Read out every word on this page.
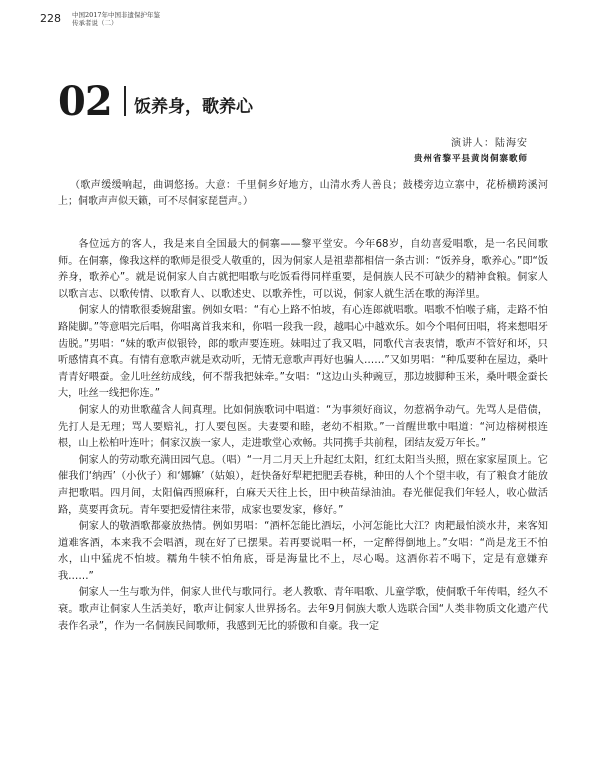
228 中国2017年中国非遗保护年鉴
传承者说（二）
02 饭养身，歌养心
演讲人：陆海安
贵州省黎平县黄岗侗寨歌师
（歌声缓缓响起，曲调悠扬。大意：千里侗乡好地方，山清水秀人善良；鼓楼旁边立寨中，花桥横跨溪河上；侗歌声声似天籁，可不尽侗家琵琶声。）

各位远方的客人，我是来自全国最大的侗寨——黎平堂安。今年68岁，自幼喜爱唱歌，是一名民间歌师。在侗寨，像我这样的歌师是很受人敬重的，因为侗家人是祖辈都相信一条古训：“饭养身，歌养心。”即“饭养身，歌养心”。就是说侗家人自古就把唱歌与吃饭看得同样重要，是侗族人民不可缺少的精神食粮。侗家人以歌言志、以歌传情、以歌育人、以歌述史、以歌养性，可以说，侗家人就生活在歌的海洋里。

侗家人的情歌很委婉甜蜜。例如女唱：“有心上路不怕坡，有心连郎就唱歌。唱歌不怕喉子痛，走路不怕路陡脚。”等意唱完后唱，你唱离首我来和，你唱一段我一段，越唱心中越欢乐。如今个唱何田唱，将来想唱牙齿脱。”男唱：“妹的歌声似银铃，郎的歌声要连班。妹唱过了我又唱，同歌代言表衷情，歌声不管好和坏，只听感情真不真。有情有意歌声就是欢动听，无情无意歌声再好也骗人……”又如男唱：“种瓜要种在屋边，桑叶青青好喂蚕。金儿吐丝纺成线，何不帮我把妹牵。”女唱：“这边山头种豌豆，那边坡脚种玉米，桑叶喂金蚕长大，吐丝一线把你连。”

侗家人的劝世歌蕴含人间真理。比如侗族歌词中唱道：“为事须好商议，勿惹祸争动气。先骂人是借债，先打人是无理；骂人要赔礼，打人要包医。夫妻要和睦，老幼不相欺。”一首醒世歌中唱道：“河边榕树根连根，山上松柏叶连叶；侗家汉族一家人，走进歌堂心欢畅。共同携手共前程，团结友爱万年长。”

侗家人的劳动歌充满田园气息。（唱）“一月二月天上升起红太阳，红红太阳当头照，照在家家屋顶上。它催我们‘纳西’（小伙子）和‘娜嫲’（姑娘），赶快备好犁耙把肥丢春桃，种田的人个个望丰收，有了粮食才能放声把歌唱。四月间，太阳偏西照麻秆，白麻天天往上长，田中秧苗绿油油。春光催促我们年轻人，收心做活路，莫要再贪玩。青年要把爱情往来带，成家也要发家，修好。”

侗家人的敬酒歌都豪放热情。例如男唱：“酒杯怎能比酒坛，小河怎能比大江？肉耙最怕淡水井，来客知道难客酒，本来我不会唱酒，现在好了已摆果。若再要说唱一杯，一定醉得倒地上。”女唱：“尚是龙王不怕水，山中猛虎不怕坡。糯角牛犊不怕角底，哥是海量比不上，尽心喝。这酒你若不喝下，定是有意嫌弃我……”

侗家人一生与歌为伴，侗家人世代与歌同行。老人教歌、青年唱歌、儿童学歌，使侗歌千年传唱，经久不衰。歌声让侗家人生活美好，歌声让侗家人世界扬名。去年9月侗族大歌人选联合国“人类非物质文化遗产代表作名录”，作为一名侗族民间歌师，我感到无比的骄傲和自豪。我一定
